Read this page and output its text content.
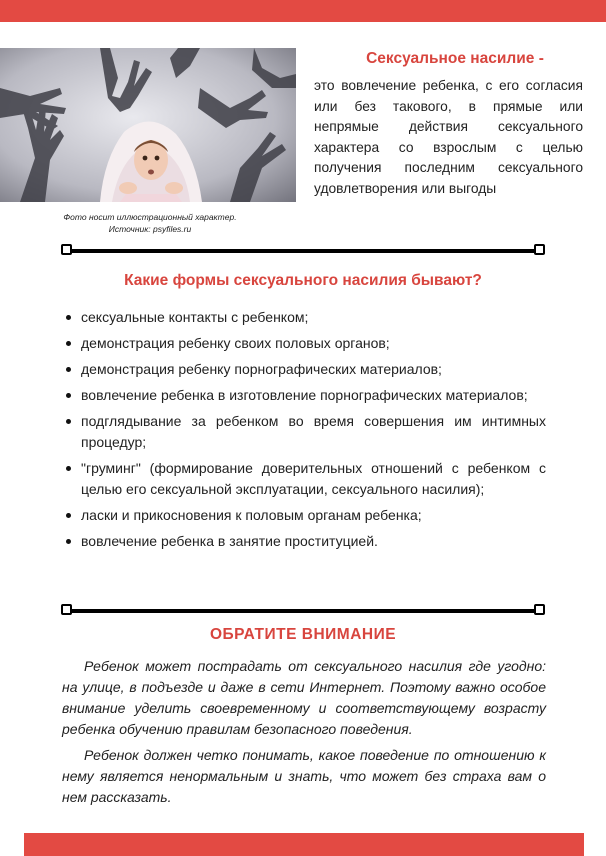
Фото носит иллюстрационный характер.
Источник: psyfiles.ru
Сексуальное насилие -
это вовлечение ребенка, с его согласия или без такового, в прямые или непрямые действия сексуального характера со взрослым с целью получения последним сексуального удовлетворения или выгоды
Какие формы сексуального насилия бывают?
сексуальные контакты с ребенком;
демонстрация ребенку своих половых органов;
демонстрация ребенку порнографических материалов;
вовлечение ребенка в изготовление порнографических материалов;
подглядывание за ребенком во время совершения им интимных процедур;
"груминг" (формирование доверительных отношений с ребенком с целью его сексуальной эксплуатации, сексуального насилия);
ласки и прикосновения к половым органам ребенка;
вовлечение ребенка в занятие проституцией.
ОБРАТИТЕ ВНИМАНИЕ
Ребенок может пострадать от сексуального насилия где угодно: на улице, в подъезде и даже в сети Интернет. Поэтому важно особое внимание уделить своевременному и соответствующему возрасту ребенка обучению правилам безопасного поведения.
Ребенок должен четко понимать, какое поведение по отношению к нему является ненормальным и знать, что может без страха вам о нем рассказать.
